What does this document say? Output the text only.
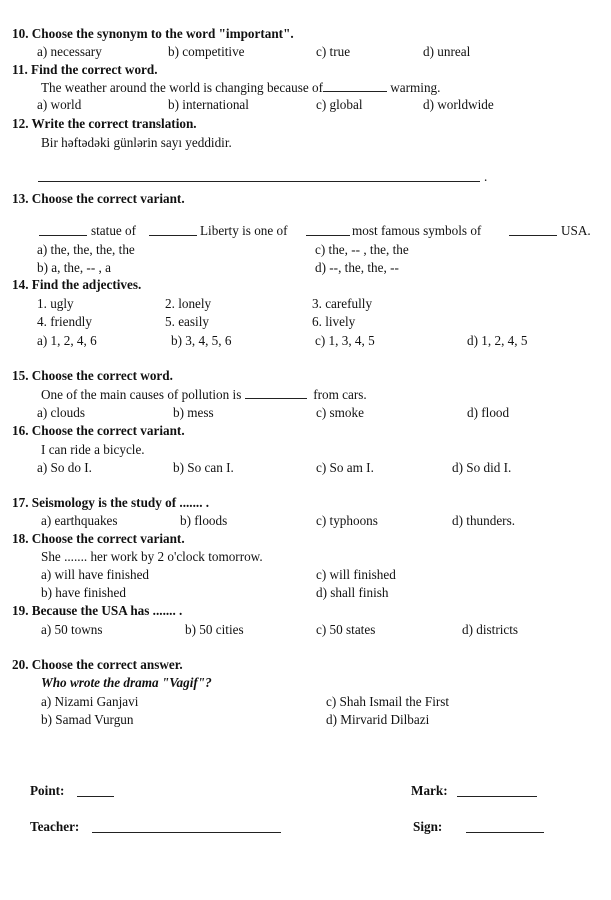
10. Choose the synonym to the word "important".
a) necessary	b) competitive	c) true	d) unreal
11. Find the correct word.
The weather around the world is changing because of	warming.
a) world	b) international	c) global	d) worldwide
12. Write the correct translation.
Bir həftədəki günlərin sayı yeddidir.
.
13. Choose the correct variant.
statue of	Liberty is one of	most famous symbols of	USA.
a) the, the, the, the	c) the, -- , the, the
b) a, the, -- , a	d) --, the, the, --
14. Find the adjectives.
1. ugly	2. lonely	3. carefully
4. friendly	5. easily	6. lively
a) 1, 2, 4, 6	b) 3, 4, 5, 6	c) 1, 3, 4, 5	d) 1, 2, 4, 5
15. Choose the correct word.
One of the main causes of pollution is	from cars.
a) clouds	b) mess	c) smoke	d) flood
16. Choose the correct variant.
I can ride a bicycle.
a) So do I.	b) So can I.	c) So am I.	d) So did I.
17. Seismology is the study of ....... .
a) earthquakes	b) floods	c) typhoons	d) thunders.
18. Choose the correct variant.
She ....... her work by 2 o'clock tomorrow.
a) will have finished	c) will finished
b) have finished	d) shall finish
19. Because the USA has ....... .
a) 50 towns	b) 50 cities	c) 50 states	d) districts
20. Choose the correct answer.
Who wrote the drama "Vagif"?
a) Nizami Ganjavi	c) Shah Ismail the First
b) Samad Vurgun	d) Mirvarid Dilbazi
Point:	Mark:
Teacher:	Sign:
